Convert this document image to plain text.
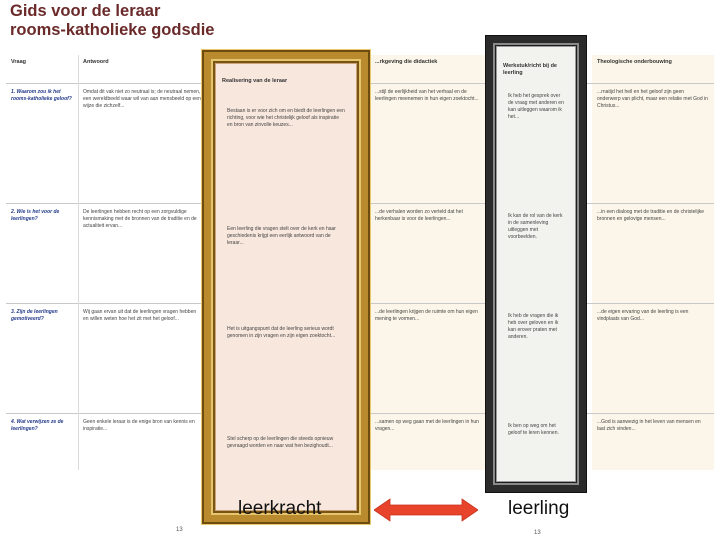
Gids voor de leraar
rooms-katholieke godsdie
Vraag
1. Waarom zou ik het rooms-katholieke geloof?
2. Wie is het voor de leerlingen?
3. Zijn de leerlingen gemotiveerd?
4. Wat verwijzen ze de leerlingen?
Antwoord
Omdat dit vak niet zo neutraal is; de neutraal nemen, een wereldbeeld waar wil van aan mensbeeld op een wijze die zichzelf...
De leerlingen hebben recht op een zorgvuldige kennismaking met de bronnen van de traditie en de actualiteit ervan...
Wij gaan ervan uit dat de leerlingen vragen hebben en willen weten hoe het zit met het geloof...
Geen enkele leraar is de enige bron van kennis en inspiratie...
...rkgeving die didactiek
...stijl de eerlijkheid van het verhaal en de leerlingen meenemen in hun eigen zoektocht...
...de verhalen worden zo verteld dat het herkenbaar is voor de leerlingen...
...de leerlingen krijgen de ruimte om hun eigen mening te vormen...
...samen op weg gaan met de leerlingen in hun vragen...
Theologische onderbouwing
...rnatijd het heil en het geloof zijn geen onderwerp van plicht, maar een relatie met God in Christus...
...in een dialoog met de traditie en de christelijke bronnen en gelovige mensen...
...de eigen ervaring van de leerling is een vindplaats van God...
...God is aanwezig in het leven van mensen en laat zich vinden...
Realisering van de leraar
Bestaan is er voor zich om en biedt de leerlingen een richting, voor wie het christelijk geloof als inspiratie en bron van zinvolle keuzes...
Een leerling die vragen stelt over de kerk en haar geschiedenis krijgt een eerlijk antwoord van de leraar...
Het is uitgangspunt dat de leerling serieus wordt genomen in zijn vragen en zijn eigen zoektocht...
Stel scherp op de leerlingen die steeds opnieuw gevraagd worden en naar wat hen bezighoudt...
Werkstuk/richt bij de leerling
Ik heb het gesprek over de vraag met anderen en kan uitleggen waarom ik het...
Ik kan de rol van de kerk in de samenleving uitleggen met voorbeelden.
Ik heb de vragen die ik heb over geloven en ik kan erover praten met anderen.
Ik ben op weg om het geloof te leren kennen.
leerkracht	leerling
13	13
